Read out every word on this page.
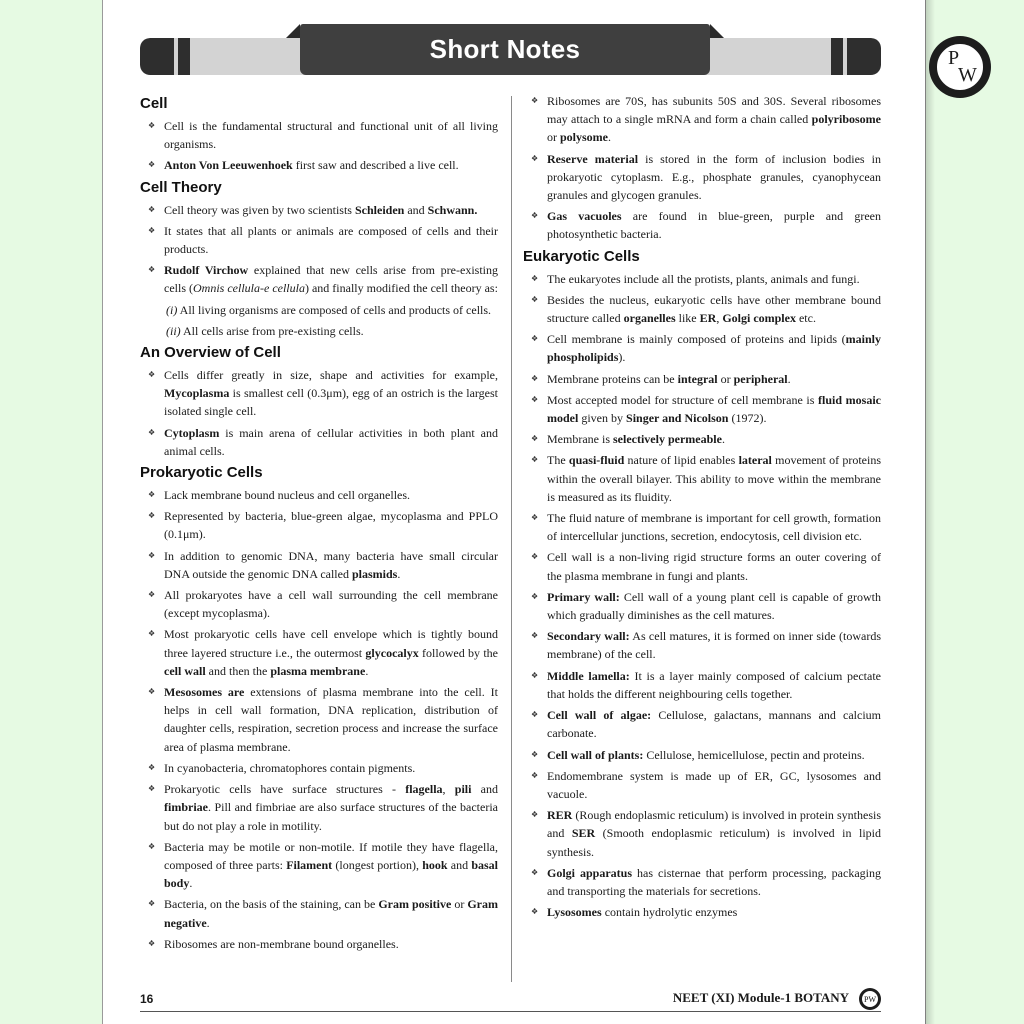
Short Notes	P
W
Cell
❖ Cell is the fundamental structural and functional unit of all living organisms.
❖ Anton Von Leeuwenhoek first saw and described a live cell.
Cell Theory
❖ Cell theory was given by two scientists Schleiden and Schwann.
❖ It states that all plants or animals are composed of cells and their products.
❖ Rudolf Virchow explained that new cells arise from pre-existing cells (Omnis cellula-e cellula) and finally modified the cell theory as:
(i) All living organisms are composed of cells and products of cells.
(ii) All cells arise from pre-existing cells.
An Overview of Cell
❖ Cells differ greatly in size, shape and activities for example, Mycoplasma is smallest cell (0.3μm), egg of an ostrich is the largest isolated single cell.
❖ Cytoplasm is main arena of cellular activities in both plant and animal cells.
Prokaryotic Cells
❖ Lack membrane bound nucleus and cell organelles.
❖ Represented by bacteria, blue-green algae, mycoplasma and PPLO (0.1μm).
❖ In addition to genomic DNA, many bacteria have small circular DNA outside the genomic DNA called plasmids.
❖ All prokaryotes have a cell wall surrounding the cell membrane (except mycoplasma).
❖ Most prokaryotic cells have cell envelope which is tightly bound three layered structure i.e., the outermost glycocalyx followed by the cell wall and then the plasma membrane.
❖ Mesosomes are extensions of plasma membrane into the cell. It helps in cell wall formation, DNA replication, distribution of daughter cells, respiration, secretion process and increase the surface area of plasma membrane.
❖ In cyanobacteria, chromatophores contain pigments.
❖ Prokaryotic cells have surface structures - flagella, pili and fimbriae. Pill and fimbriae are also surface structures of the bacteria but do not play a role in motility.
❖ Bacteria may be motile or non-motile. If motile they have flagella, composed of three parts: Filament (longest portion), hook and basal body.
❖ Bacteria, on the basis of the staining, can be Gram positive or Gram negative.
❖ Ribosomes are non-membrane bound organelles.
❖ Ribosomes are 70S, has subunits 50S and 30S. Several ribosomes may attach to a single mRNA and form a chain called polyribosome or polysome.
❖ Reserve material is stored in the form of inclusion bodies in prokaryotic cytoplasm. E.g., phosphate granules, cyanophycean granules and glycogen granules.
❖ Gas vacuoles are found in blue-green, purple and green photosynthetic bacteria.
Eukaryotic Cells
❖ The eukaryotes include all the protists, plants, animals and fungi.
❖ Besides the nucleus, eukaryotic cells have other membrane bound structure called organelles like ER, Golgi complex etc.
❖ Cell membrane is mainly composed of proteins and lipids (mainly phospholipids).
❖ Membrane proteins can be integral or peripheral.
❖ Most accepted model for structure of cell membrane is fluid mosaic model given by Singer and Nicolson (1972).
❖ Membrane is selectively permeable.
❖ The quasi-fluid nature of lipid enables lateral movement of proteins within the overall bilayer. This ability to move within the membrane is measured as its fluidity.
❖ The fluid nature of membrane is important for cell growth, formation of intercellular junctions, secretion, endocytosis, cell division etc.
❖ Cell wall is a non-living rigid structure forms an outer covering of the plasma membrane in fungi and plants.
❖ Primary wall: Cell wall of a young plant cell is capable of growth which gradually diminishes as the cell matures.
❖ Secondary wall: As cell matures, it is formed on inner side (towards membrane) of the cell.
❖ Middle lamella: It is a layer mainly composed of calcium pectate that holds the different neighbouring cells together.
❖ Cell wall of algae: Cellulose, galactans, mannans and calcium carbonate.
❖ Cell wall of plants: Cellulose, hemicellulose, pectin and proteins.
❖ Endomembrane system is made up of ER, GC, lysosomes and vacuole.
❖ RER (Rough endoplasmic reticulum) is involved in protein synthesis and SER (Smooth endoplasmic reticulum) is involved in lipid synthesis.
❖ Golgi apparatus has cisternae that perform processing, packaging and transporting the materials for secretions.
❖ Lysosomes contain hydrolytic enzymes
16	NEET (XI) Module-1 BOTANY PW
